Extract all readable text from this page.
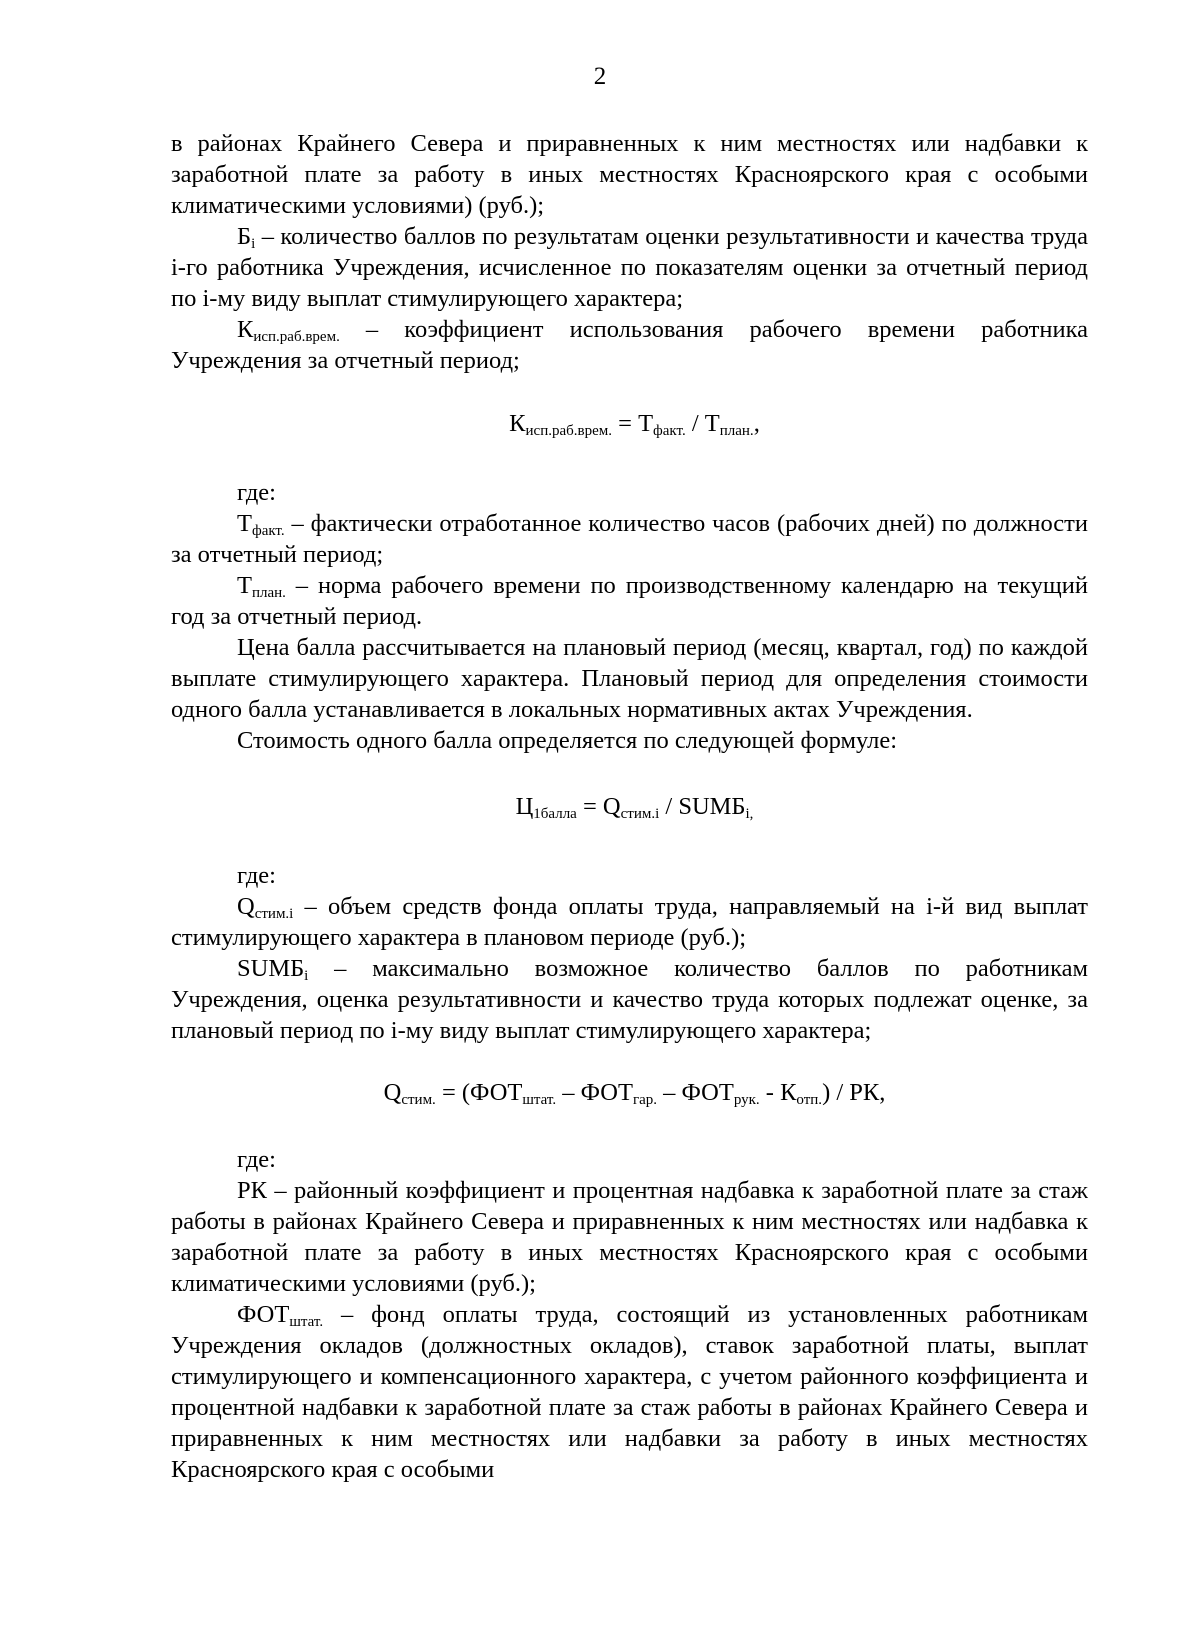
2

в районах Крайнего Севера и приравненных к ним местностях или надбавки к заработной плате за работу в иных местностях Красноярского края с особыми климатическими условиями) (руб.);

$Б_i$ – количество баллов по результатам оценки результативности и качества труда i-го работника Учреждения, исчисленное по показателям оценки за отчетный период по i-му виду выплат стимулирующего характера;

$К_{исп.раб.врем.}$ – коэффициент использования рабочего времени работника Учреждения за отчетный период;

$К_{исп.раб.врем.} = Т_{факт.} / Т_{план.}$,

где:

$Т_{факт.}$ – фактически отработанное количество часов (рабочих дней) по должности за отчетный период;

$Т_{план.}$ – норма рабочего времени по производственному календарю на текущий год за отчетный период.

Цена балла рассчитывается на плановый период (месяц, квартал, год) по каждой выплате стимулирующего характера. Плановый период для определения стоимости одного балла устанавливается в локальных нормативных актах Учреждения.

Стоимость одного балла определяется по следующей формуле:

$Ц_{1балла} = Q_{стим.i}$ / $SUMБ_{i,}$

где:

$Q_{стим.i}$ – объем средств фонда оплаты труда, направляемый на i-й вид выплат стимулирующего характера в плановом периоде (руб.);

$SUMБ_i$ – максимально возможное количество баллов по работникам Учреждения, оценка результативности и качество труда которых подлежат оценке, за плановый период по i-му виду выплат стимулирующего характера;

$Q_{стим.} = (ФОТ_{штат.} - ФОТ_{гар.} - ФОТ_{рук.} - К_{отп.})$ / РК,

где:

РК – районный коэффициент и процентная надбавка к заработной плате за стаж работы в районах Крайнего Севера и приравненных к ним местностях или надбавка к заработной плате за работу в иных местностях Красноярского края с особыми климатическими условиями (руб.);

$ФОТ_{штат.}$ – фонд оплаты труда, состоящий из установленных работникам Учреждения окладов (должностных окладов), ставок заработной платы, выплат стимулирующего и компенсационного характера, с учетом районного коэффициента и процентной надбавки к заработной плате за стаж работы в районах Крайнего Севера и приравненных к ним местностях или надбавки за работу в иных местностях Красноярского края с особыми
